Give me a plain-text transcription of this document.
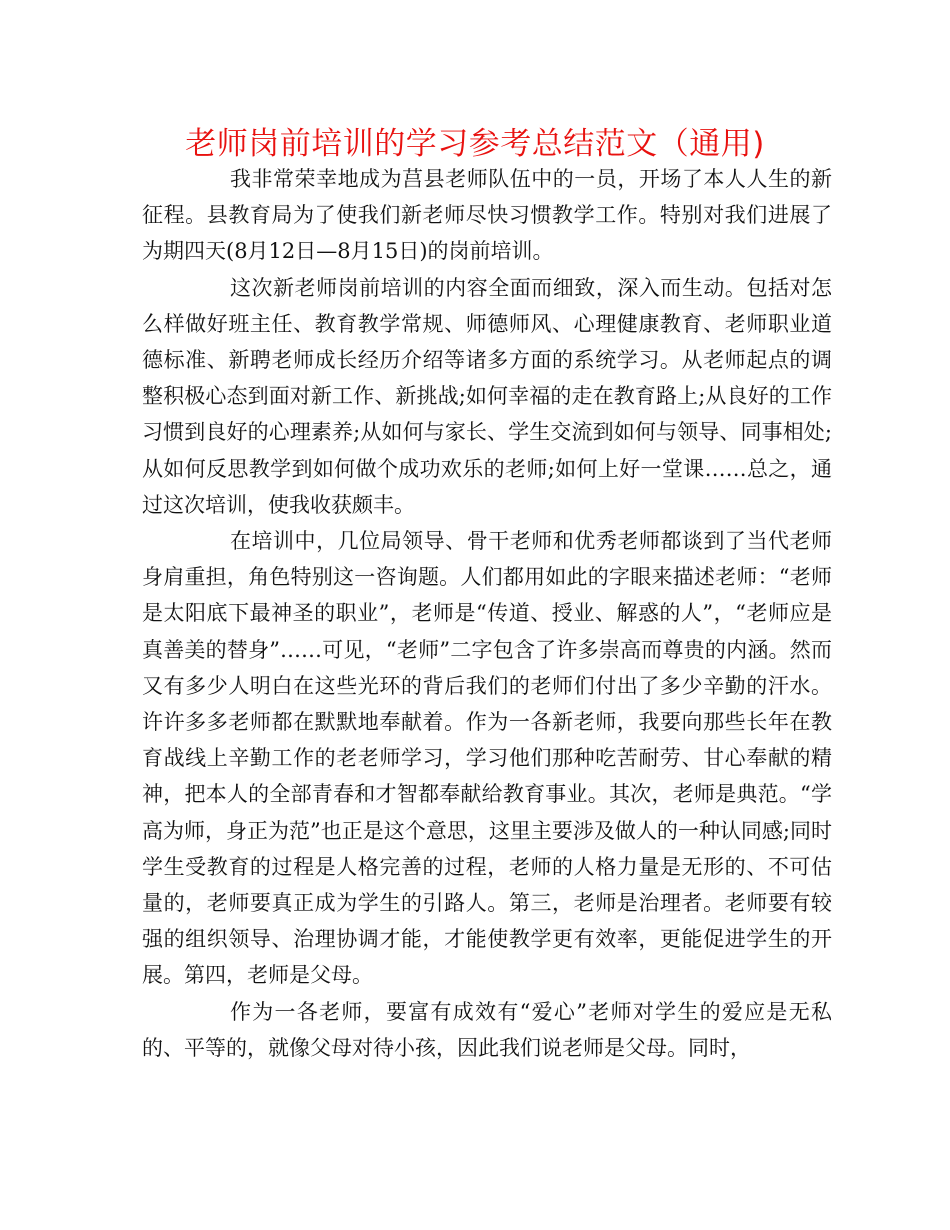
老师岗前培训的学习参考总结范文（通用)

我非常荣幸地成为莒县老师队伍中的一员，开场了本人人生的新征程。县教育局为了使我们新老师尽快习惯教学工作。特别对我们进展了为期四天(8月12日—8月15日)的岗前培训。

这次新老师岗前培训的内容全面而细致，深入而生动。包括对怎么样做好班主任、教育教学常规、师德师风、心理健康教育、老师职业道德标准、新聘老师成长经历介绍等诸多方面的系统学习。从老师起点的调整积极心态到面对新工作、新挑战;如何幸福的走在教育路上;从良好的工作习惯到良好的心理素养;从如何与家长、学生交流到如何与领导、同事相处;从如何反思教学到如何做个成功欢乐的老师;如何上好一堂课……总之，通过这次培训，使我收获颇丰。

在培训中，几位局领导、骨干老师和优秀老师都谈到了当代老师身肩重担，角色特别这一咨询题。人们都用如此的字眼来描述老师：“老师是太阳底下最神圣的职业”，老师是“传道、授业、解惑的人”，“老师应是真善美的替身”……可见，“老师”二字包含了许多崇高而尊贵的内涵。然而又有多少人明白在这些光环的背后我们的老师们付出了多少辛勤的汗水。许许多多老师都在默默地奉献着。作为一各新老师，我要向那些长年在教育战线上辛勤工作的老老师学习，学习他们那种吃苦耐劳、甘心奉献的精神，把本人的全部青春和才智都奉献给教育事业。其次，老师是典范。“学高为师，身正为范”也正是这个意思，这里主要涉及做人的一种认同感;同时学生受教育的过程是人格完善的过程，老师的人格力量是无形的、不可估量的，老师要真正成为学生的引路人。第三，老师是治理者。老师要有较强的组织领导、治理协调才能，才能使教学更有效率，更能促进学生的开展。第四，老师是父母。

作为一各老师，要富有成效有“爱心”老师对学生的爱应是无私的、平等的，就像父母对待小孩，因此我们说老师是父母。同时，
